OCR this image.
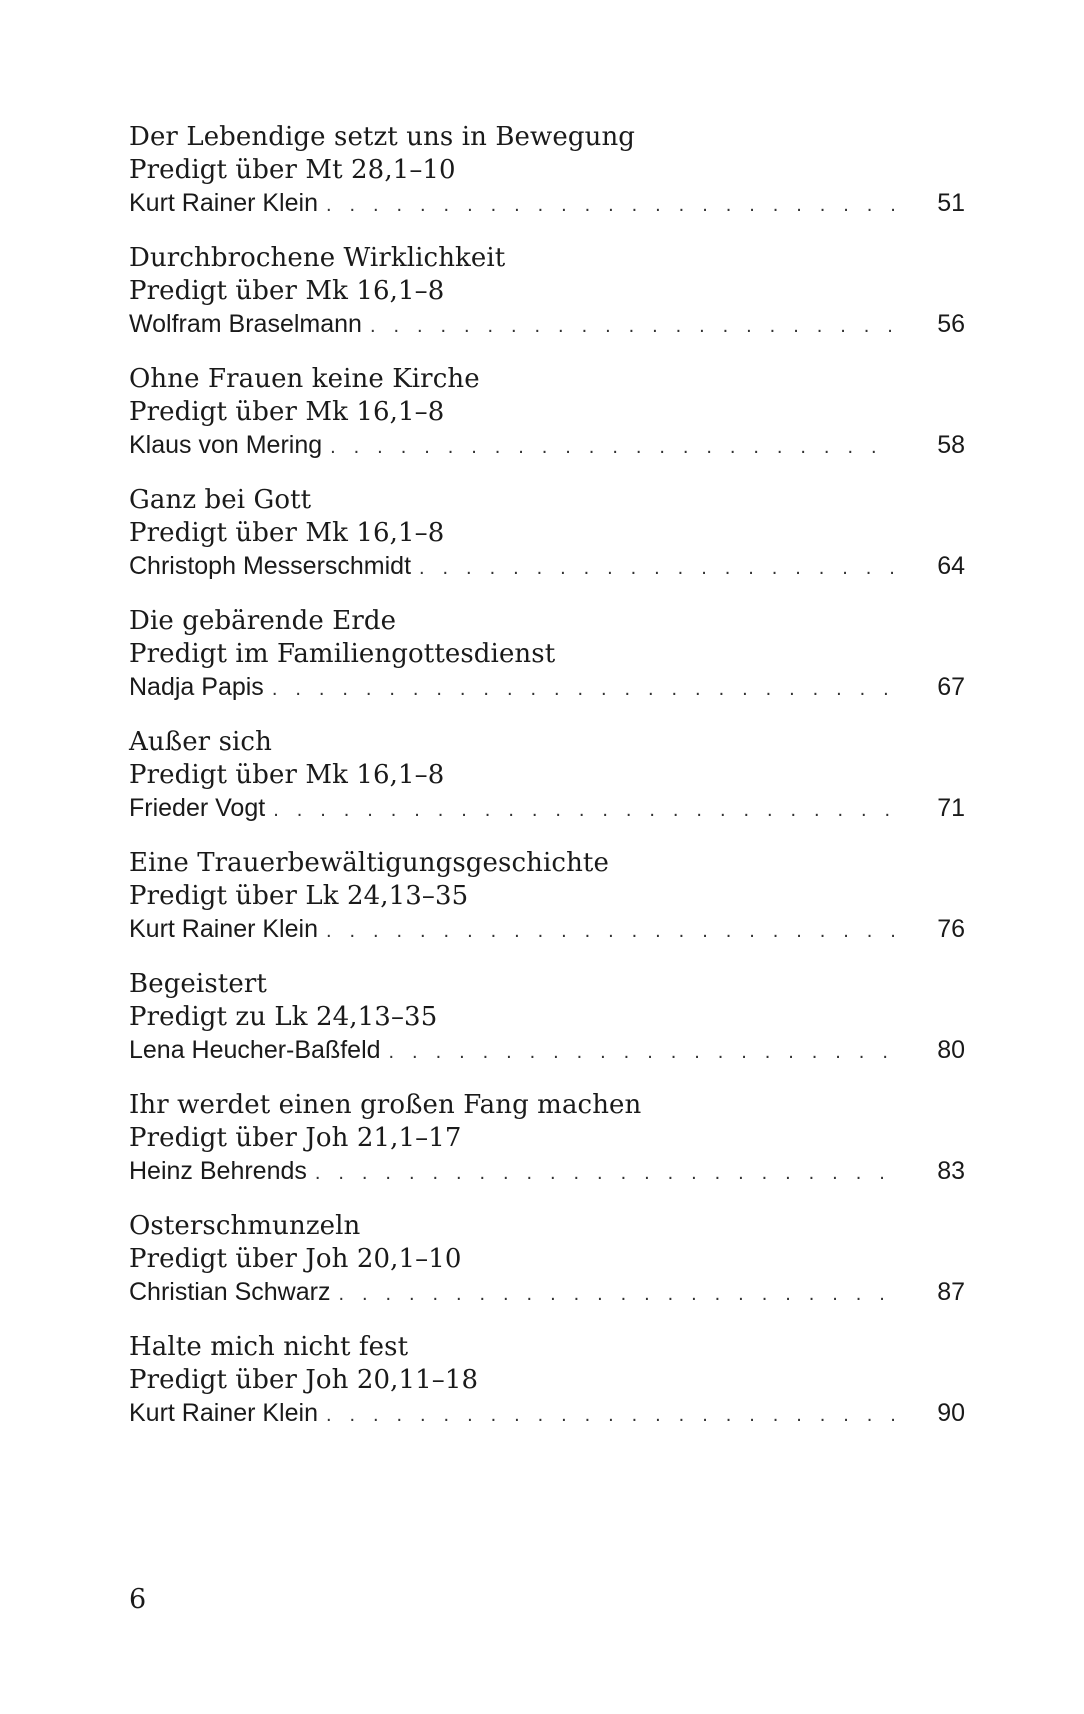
Der Lebendige setzt uns in Bewegung
Predigt über Mt 28,1–10
Kurt Rainer Klein . . .	51
Durchbrochene Wirklichkeit
Predigt über Mk 16,1–8
Wolfram Braselmann . . .	56
Ohne Frauen keine Kirche
Predigt über Mk 16,1–8
Klaus von Mering . . .	58
Ganz bei Gott
Predigt über Mk 16,1–8
Christoph Messerschmidt . . .	64
Die gebärende Erde
Predigt im Familiengottesdienst
Nadja Papis . . .	67
Außer sich
Predigt über Mk 16,1–8
Frieder Vogt . . .	71
Eine Trauerbewältigungsgeschichte
Predigt über Lk 24,13–35
Kurt Rainer Klein . . .	76
Begeistert
Predigt zu Lk 24,13–35
Lena Heucher-Baßfeld . . .	80
Ihr werdet einen großen Fang machen
Predigt über Joh 21,1–17
Heinz Behrends . . .	83
Osterschmunzeln
Predigt über Joh 20,1–10
Christian Schwarz . . .	87
Halte mich nicht fest
Predigt über Joh 20,11–18
Kurt Rainer Klein . . .	90
6
